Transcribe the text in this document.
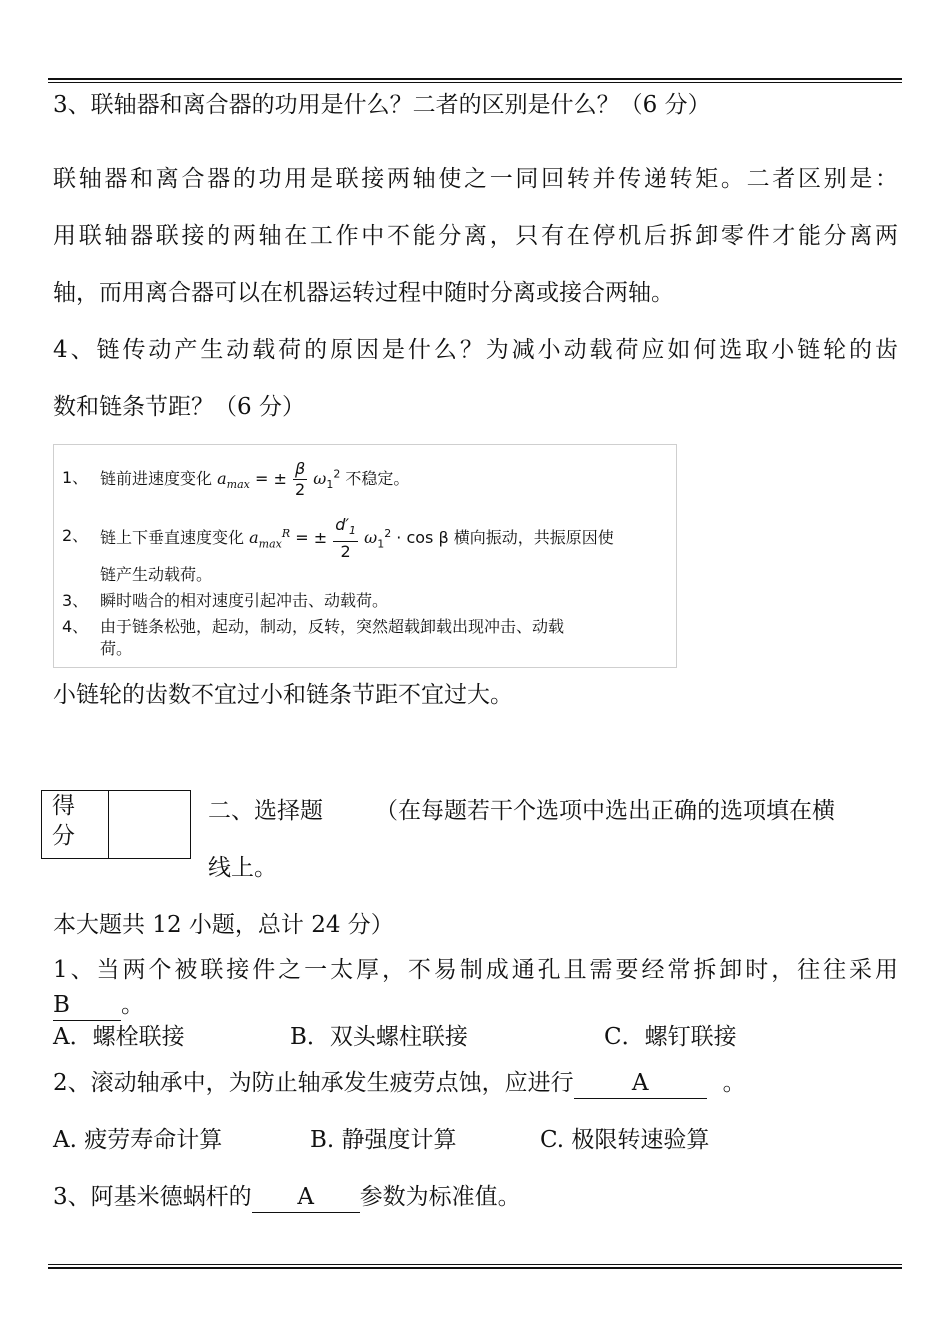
3、联轴器和离合器的功用是什么？二者的区别是什么？（6 分）
联轴器和离合器的功用是联接两轴使之一同回转并传递转矩。二者区别是：
用联轴器联接的两轴在工作中不能分离，只有在停机后拆卸零件才能分离两
轴，而用离合器可以在机器运转过程中随时分离或接合两轴。
4、链传动产生动载荷的原因是什么？为减小动载荷应如何选取小链轮的齿
数和链条节距？（6 分）
1、 链前进速度变化 $a_{max}$ = ± $\frac{\beta}{2} \omega_1^2$ 不稳定。
2、 链上下垂直速度变化 $a_{max}^R$ = ± $\frac{d'_1}{2} \omega_1^2 \cdot \cos \beta$ 横向振动，共振原因使
链产生动载荷。
3、 瞬时啮合的相对速度引起冲击、动载荷。
4、 由于链条松弛，起动，制动，反转，突然超载卸载出现冲击、动载
荷。
小链轮的齿数不宜过小和链条节距不宜过大。
得
分
二、选择题 （在每题若干个选项中选出正确的选项填在横
线上。
本大题共 12 小题，总计 24 分）
1、当两个被联接件之一太厚，不易制成通孔且需要经常拆卸时，往往采用
B 。
A．螺栓联接	B．双头螺柱联接	C．螺钉联接
2、滚动轴承中，为防止轴承发生疲劳点蚀，应进行	A	。
A. 疲劳寿命计算	B. 静强度计算	C. 极限转速验算
3、阿基米德蜗杆的 A 参数为标准值。
